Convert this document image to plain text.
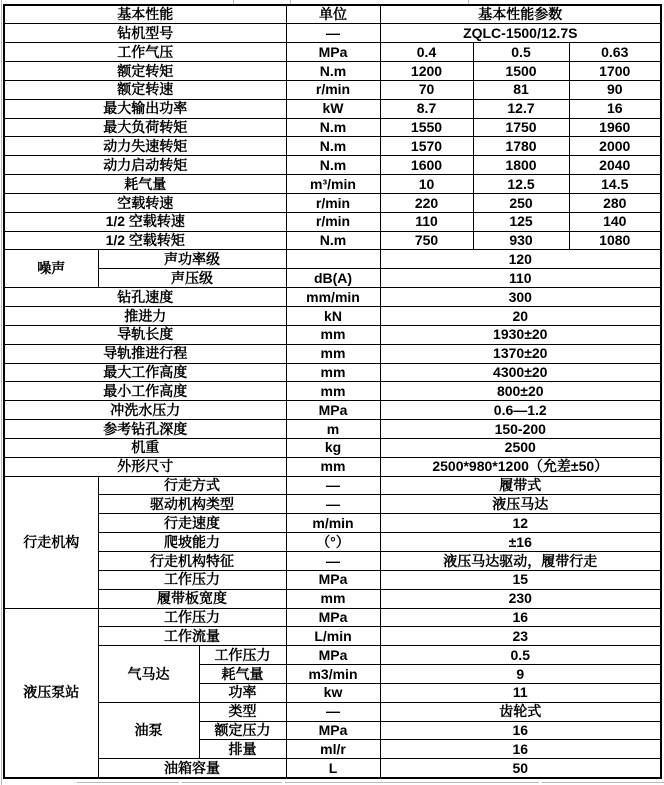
基本性能			单位	基本性能参数		
钻机型号			—	ZQLC-1500/12.7S		
工作气压			MPa	0.4	0.5	0.63
额定转矩			N.m	1200	1500	1700
额定转速			r/min	70	81	90
最大输出功率			kW	8.7	12.7	16
最大负荷转矩			N.m	1550	1750	1960
动力失速转矩			N.m	1570	1780	2000
动力启动转矩			N.m	1600	1800	2040
耗气量			m³/min	10	12.5	14.5
空载转速			r/min	220	250	280
1/2 空载转速			r/min	110	125	140
1/2 空载转矩			N.m	750	930	1080
噪声	声功率级			120		
	声压级		dB(A)	110		
钻孔速度			mm/min	300		
推进力			kN	20		
导轨长度			mm	1930±20		
导轨推进行程			mm	1370±20		
最大工作高度			mm	4300±20		
最小工作高度			mm	800±20		
冲洗水压力			MPa	0.6—1.2		
参考钻孔深度			m	150-200		
机重			kg	2500		
外形尺寸			mm	2500*980*1200（允差±50）		
行走机构	行走方式		—	履带式		
	驱动机构类型		—	液压马达		
	行走速度		m/min	12		
	爬坡能力		（°）	±16		
	行走机构特征		—	液压马达驱动，履带行走		
	工作压力		MPa	15		
	履带板宽度		mm	230		
液压泵站	工作压力		MPa	16		
	工作流量		L/min	23		
	气马达	工作压力	MPa	0.5		
		耗气量	m3/min	9		
		功率	kw	11		
	油泵	类型	—	齿轮式		
		额定压力	MPa	16		
		排量	ml/r	16		
	油箱容量		L	50		
